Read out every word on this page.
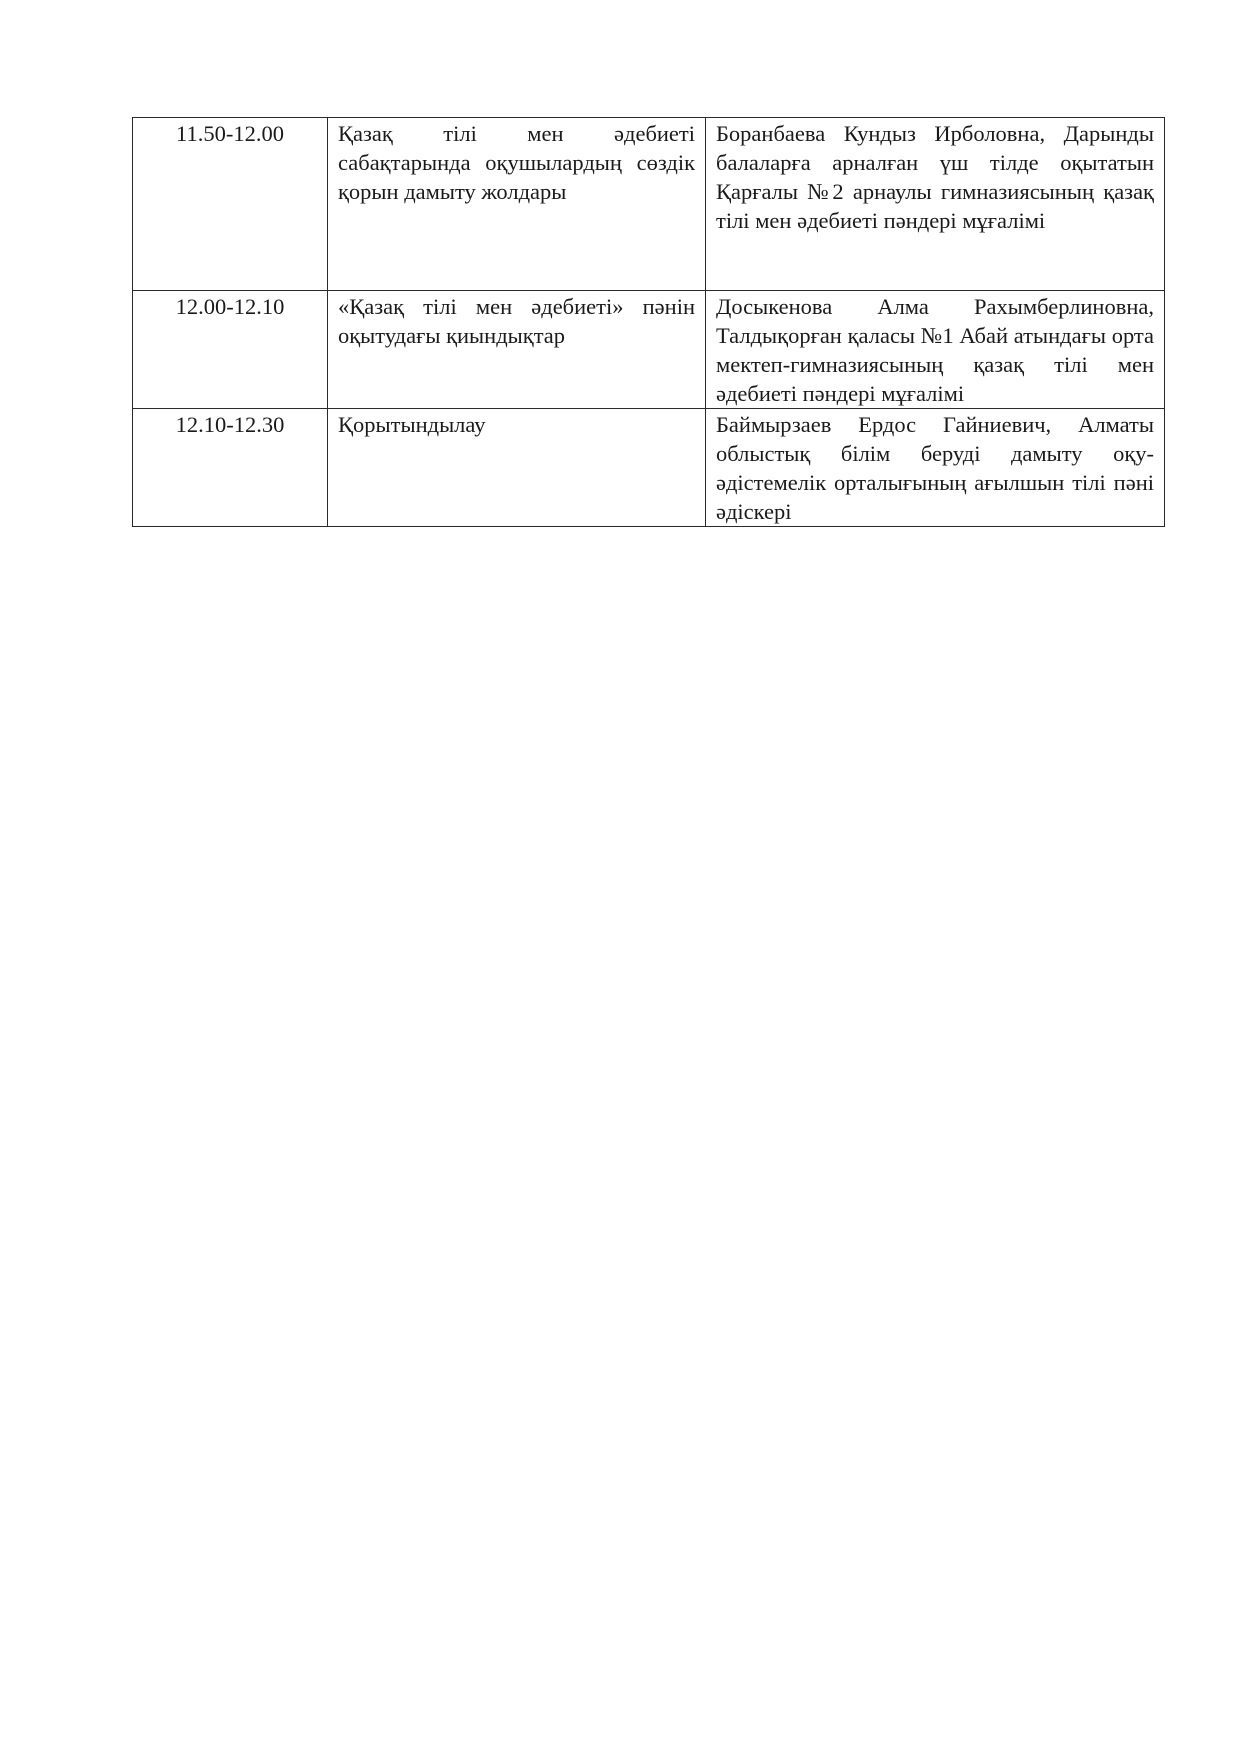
11.50-12.00	Қазақ тілі мен әдебиеті сабақтарында оқушылардың сөздік қорын дамыту жолдары	Боранбаева Кундыз Ирболовна, Дарынды балаларға арналған үш тілде оқытатын Қарғалы №2 арнаулы гимназиясының қазақ тілі мен әдебиеті пәндері мұғалімі
12.00-12.10	«Қазақ тілі мен әдебиеті» пәнін оқытудағы қиындықтар	Досыкенова Алма Рахымберлиновна, Талдықорған қаласы №1 Абай атындағы орта мектеп-гимназиясының қазақ тілі мен әдебиеті пәндері мұғалімі
12.10-12.30	Қорытындылау	Баймырзаев Ердос Гайниевич, Алматы облыстық білім беруді дамыту оқу-әдістемелік орталығының ағылшын тілі пәні әдіскері
